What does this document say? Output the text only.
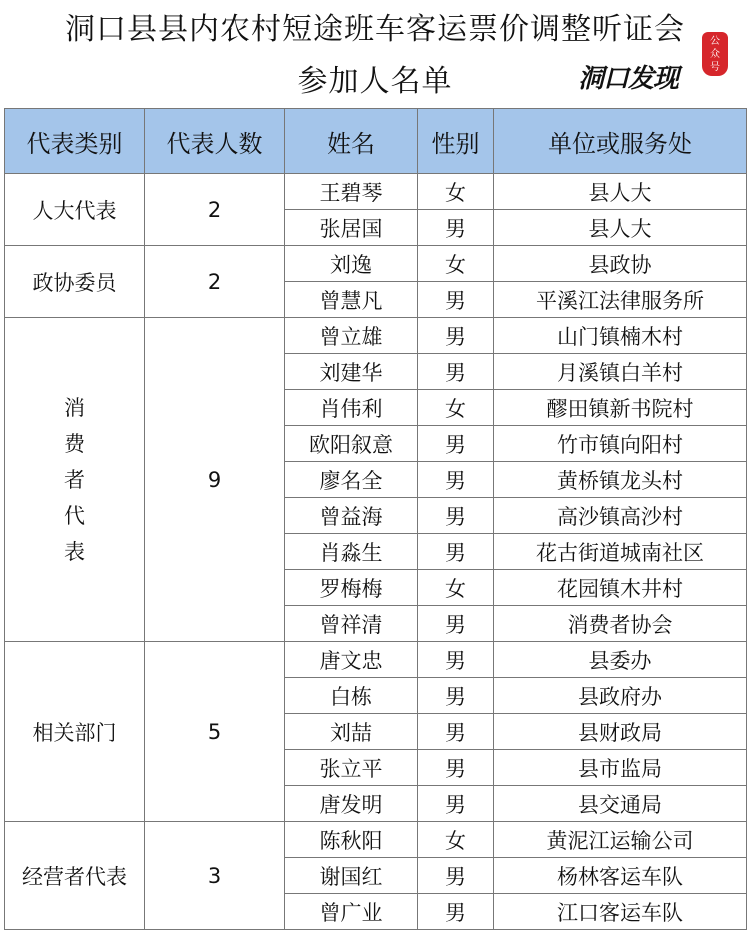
洞口县县内农村短途班车客运票价调整听证会
参加人名单	洞口发现
公
众
号
代表类别	代表人数	姓名	性别	单位或服务处
人大代表	2	王碧琴	女	县人大
		张居国	男	县人大
政协委员	2	刘逸	女	县政协
		曾慧凡	男	平溪江法律服务所
消
费
者
代
表	9	曾立雄	男	山门镇楠木村
		刘建华	男	月溪镇白羊村
		肖伟利	女	醪田镇新书院村
		欧阳叙意	男	竹市镇向阳村
		廖名全	男	黄桥镇龙头村
		曾益海	男	高沙镇高沙村
		肖淼生	男	花古街道城南社区
		罗梅梅	女	花园镇木井村
		曾祥清	男	消费者协会
相关部门	5	唐文忠	男	县委办
		白栋	男	县政府办
		刘喆	男	县财政局
		张立平	男	县市监局
		唐发明	男	县交通局
经营者代表	3	陈秋阳	女	黄泥江运输公司
		谢国红	男	杨林客运车队
		曾广业	男	江口客运车队
